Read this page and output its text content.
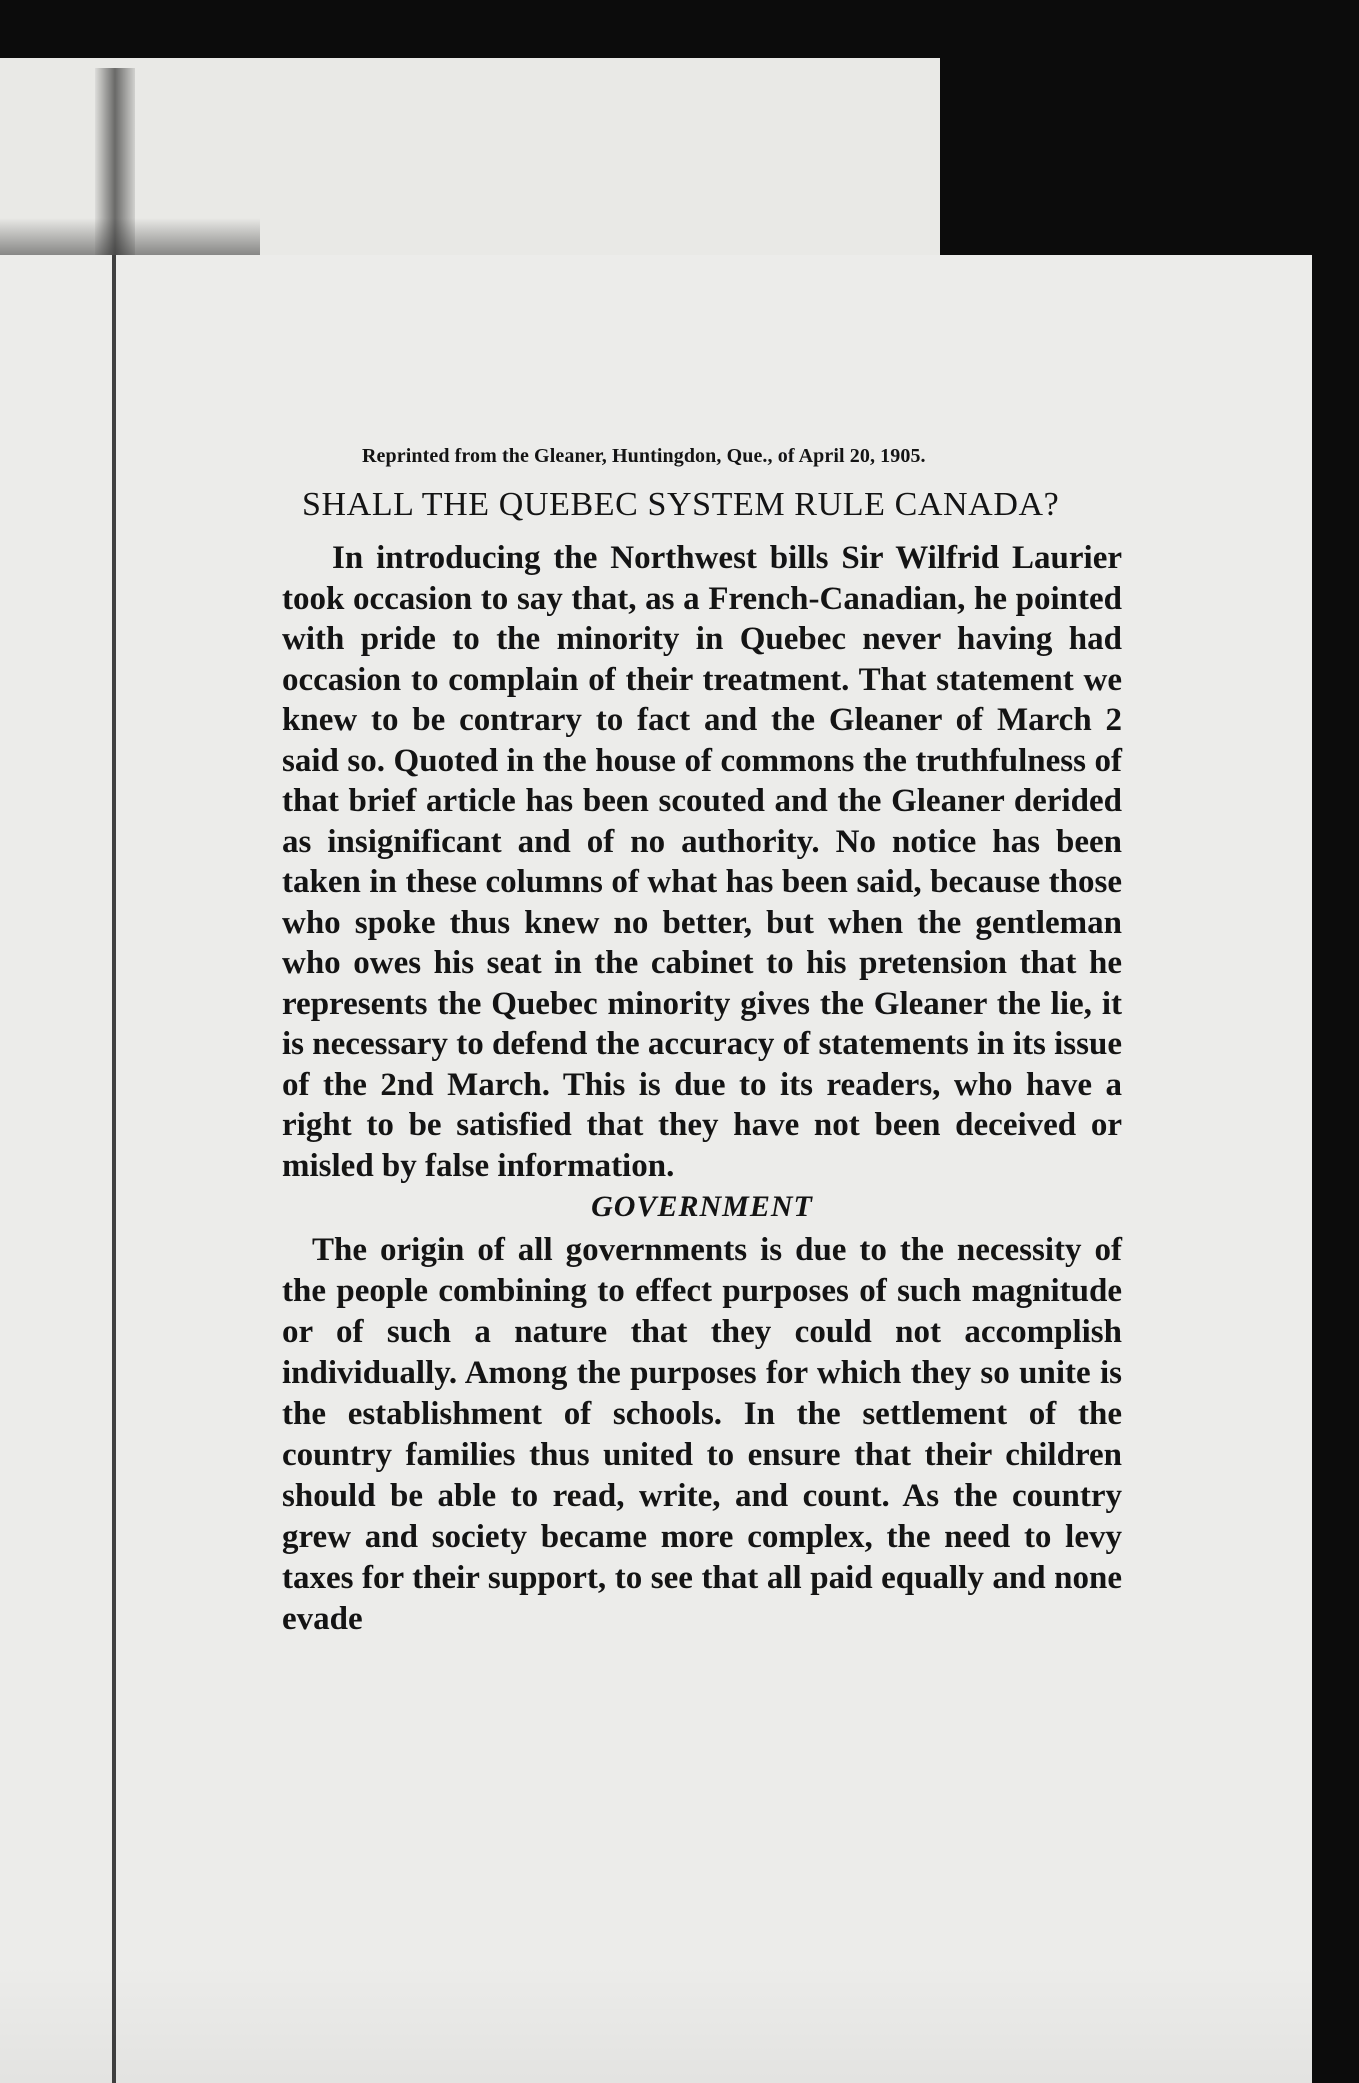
Reprinted from the Gleaner, Huntingdon, Que., of April 20, 1905.

SHALL THE QUEBEC SYSTEM RULE CANADA?

In introducing the Northwest bills Sir Wilfrid Laurier took occasion to say that, as a French-Canadian, he pointed with pride to the minority in Quebec never having had occasion to complain of their treatment. That statement we knew to be contrary to fact and the Gleaner of March 2 said so. Quoted in the house of commons the truthfulness of that brief article has been scouted and the Gleaner derided as insignificant and of no authority. No notice has been taken in these columns of what has been said, because those who spoke thus knew no better, but when the gentleman who owes his seat in the cabinet to his pretension that he represents the Quebec minority gives the Gleaner the lie, it is necessary to defend the accuracy of statements in its issue of the 2nd March. This is due to its readers, who have a right to be satisfied that they have not been deceived or misled by false information.

GOVERNMENT

The origin of all governments is due to the necessity of the people combining to effect purposes of such magnitude or of such a nature that they could not accomplish individually. Among the purposes for which they so unite is the establishment of schools. In the settlement of the country families thus united to ensure that their children should be able to read, write, and count. As the country grew and society became more complex, the need to levy taxes for their support, to see that all paid equally and none evade
